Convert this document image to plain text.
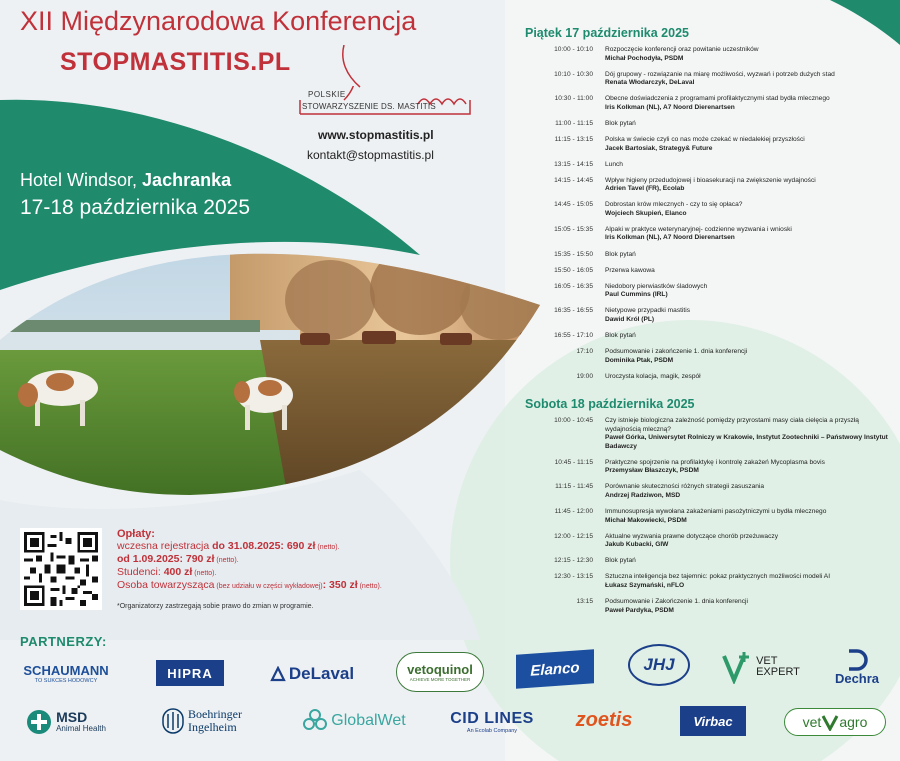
XII Międzynarodowa Konferencja
STOPMASTITIS.PL
POLSKIE
STOWARZYSZENIE DS. MASTITIS
www.stopmastitis.pl
kontakt@stopmastitis.pl
Hotel Windsor, Jachranka
17-18 października 2025
Piątek 17 października 2025
10:00 - 10:10	Rozpoczęcie konferencji oraz powitanie uczestników
Michał Pochodyła, PSDM
10:10 - 10:30	Dój grupowy - rozwiązanie na miarę możliwości, wyzwań i potrzeb dużych stad
Renata Włodarczyk, DeLaval
10:30 - 11:00	Obecne doświadczenia z programami profilaktycznymi stad bydła mlecznego
Iris Kolkman (NL), A7 Noord Dierenartsen
11:00 - 11:15	Blok pytań
11:15 - 13:15	Polska w świecie czyli co nas może czekać w niedalekiej przyszłości
Jacek Bartosiak, Strategy& Future
13:15 - 14:15	Lunch
14:15 - 14:45	Wpływ higieny przedudojowej i bioasekuracji na zwiększenie wydajności
Adrien Tavel (FR), Ecolab
14:45 - 15:05	Dobrostan krów mlecznych - czy to się opłaca?
Wojciech Skupień, Elanco
15:05 - 15:35	Alpaki w praktyce weterynaryjnej- codzienne wyzwania i wnioski
Iris Kolkman (NL), A7 Noord Dierenartsen
15:35 - 15:50	Blok pytań
15:50 - 16:05	Przerwa kawowa
16:05 - 16:35	Niedobory pierwiastków śladowych
Paul Cummins (IRL)
16:35 - 16:55	Nietypowe przypadki mastitis
Dawid Król (PL)
16:55 - 17:10	Blok pytań
17:10	Podsumowanie i zakończenie 1. dnia konferencji
Dominika Ptak, PSDM
19:00	Uroczysta kolacja, magik, zespół
Sobota 18 października 2025
10:00 - 10:45	Czy istnieje biologiczna zależność pomiędzy przyrostami masy ciała cielęcia a przyszłą wydajnością mleczną?
Paweł Górka, Uniwersytet Rolniczy w Krakowie, Instytut Zootechniki – Państwowy Instytut Badawczy
10:45 - 11:15	Praktyczne spojrzenie na profilaktykę i kontrolę zakażeń Mycoplasma bovis
Przemysław Błaszczyk, PSDM
11:15 - 11:45	Porównanie skuteczności różnych strategii zasuszania
Andrzej Radziwon, MSD
11:45 - 12:00	Immunosupresja wywołana zakażeniami pasożytniczymi u bydła mlecznego
Michał Makowiecki, PSDM
12:00 - 12:15	Aktualne wyzwania prawne dotyczące chorób przeżuwaczy
Jakub Kubacki, GIW
12:15 - 12:30	Blok pytań
12:30 - 13:15	Sztuczna inteligencja bez tajemnic: pokaz praktycznych możliwości modeli AI
Łukasz Szymański, nFLO
13:15	Podsumowanie i Zakończenie 1. dnia konferencji
Paweł Pardyka, PSDM
Opłaty:
wczesna rejestracja do 31.08.2025: 690 zł (netto).
od 1.09.2025: 790 zł (netto).
Studenci: 400 zł (netto).
Osoba towarzysząca (bez udziału w części wykładowej): 350 zł (netto).
*Organizatorzy zastrzegają sobie prawo do zmian w programie.
PARTNERZY:
SCHAUMANN
TO SUKCES HODOWCY	HIPRA	DeLaval	vetoquinol
ACHIEVE MORE TOGETHER
Elanco	JHJ	VET
EXPERT	Dechra
MSD
Animal Health
Boehringer
Ingelheim	GlobalWet	CID LINES
An Ecolab Company
zoetis	Virbac	vet agro
